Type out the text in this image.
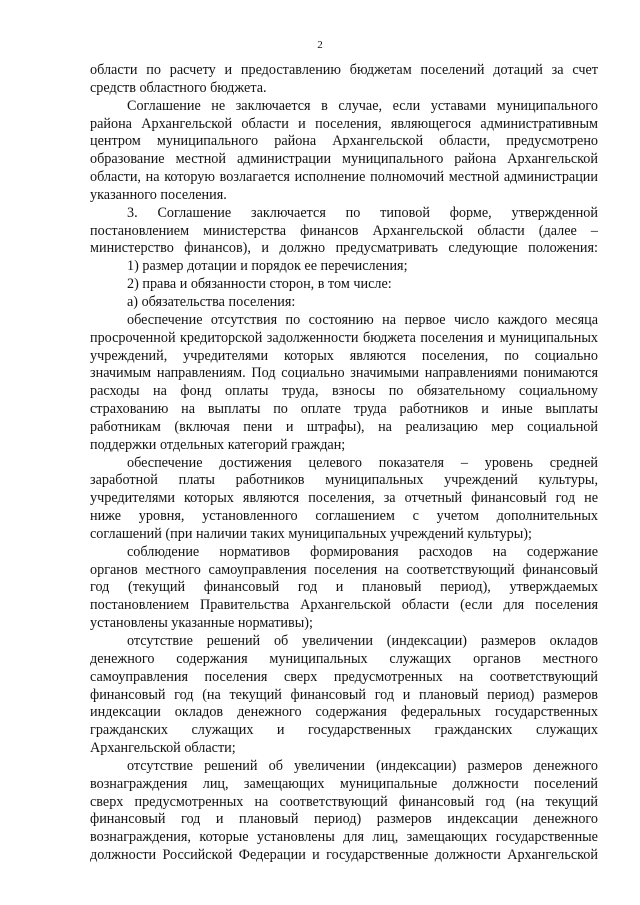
2
области по расчету и предоставлению бюджетам поселений дотаций за счет
средств областного бюджета.
Соглашение не заключается в случае, если уставами муниципального
района Архангельской области и поселения, являющегося административным
центром муниципального района Архангельской области, предусмотрено
образование местной администрации муниципального района Архангельской
области, на которую возлагается исполнение полномочий местной администрации
указанного поселения.
3. Соглашение заключается по типовой форме, утвержденной
постановлением министерства финансов Архангельской области (далее –
министерство финансов), и должно предусматривать следующие положения:
1) размер дотации и порядок ее перечисления;
2) права и обязанности сторон, в том числе:
а) обязательства поселения:
обеспечение отсутствия по состоянию на первое число каждого месяца
просроченной кредиторской задолженности бюджета поселения и муниципальных
учреждений, учредителями которых являются поселения, по социально
значимым направлениям. Под социально значимыми направлениями понимаются
расходы на фонд оплаты труда, взносы по обязательному социальному
страхованию на выплаты по оплате труда работников и иные выплаты
работникам (включая пени и штрафы), на реализацию мер социальной
поддержки отдельных категорий граждан;
обеспечение достижения целевого показателя – уровень средней
заработной платы работников муниципальных учреждений культуры,
учредителями которых являются поселения, за отчетный финансовый год не
ниже уровня, установленного соглашением с учетом дополнительных
соглашений (при наличии таких муниципальных учреждений культуры);
соблюдение нормативов формирования расходов на содержание
органов местного самоуправления поселения на соответствующий финансовый
год (текущий финансовый год и плановый период), утверждаемых
постановлением Правительства Архангельской области (если для поселения
установлены указанные нормативы);
отсутствие решений об увеличении (индексации) размеров окладов
денежного содержания муниципальных служащих органов местного
самоуправления поселения сверх предусмотренных на соответствующий
финансовый год (на текущий финансовый год и плановый период) размеров
индексации окладов денежного содержания федеральных государственных
гражданских служащих и государственных гражданских служащих
Архангельской области;
отсутствие решений об увеличении (индексации) размеров денежного
вознаграждения лиц, замещающих муниципальные должности поселений
сверх предусмотренных на соответствующий финансовый год (на текущий
финансовый год и плановый период) размеров индексации денежного
вознаграждения, которые установлены для лиц, замещающих государственные
должности Российской Федерации и государственные должности Архангельской
